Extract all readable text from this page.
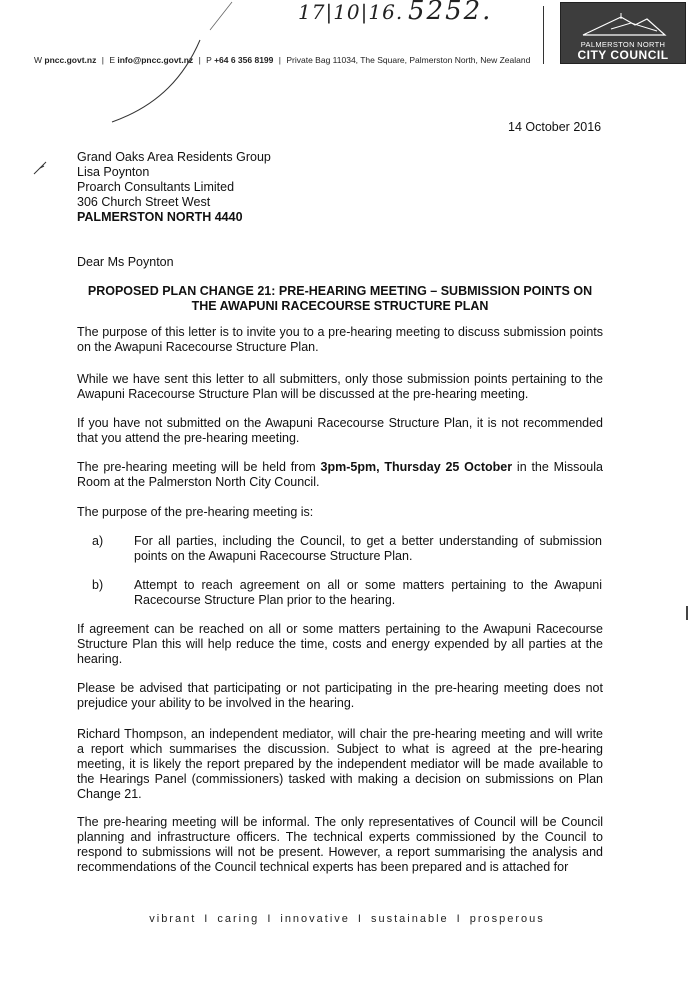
17|10|16. 5252.
PALMERSTON NORTH
CITY COUNCIL
W pncc.govt.nz | E info@pncc.govt.nz | P +64 6 356 8199 | Private Bag 11034, The Square, Palmerston North, New Zealand
14 October 2016
Grand Oaks Area Residents Group
Lisa Poynton
Proarch Consultants Limited
306 Church Street West
PALMERSTON NORTH 4440
Dear Ms Poynton
PROPOSED PLAN CHANGE 21: PRE-HEARING MEETING – SUBMISSION POINTS ON
THE AWAPUNI RACECOURSE STRUCTURE PLAN
The purpose of this letter is to invite you to a pre-hearing meeting to discuss submission points on the Awapuni Racecourse Structure Plan.
While we have sent this letter to all submitters, only those submission points pertaining to the Awapuni Racecourse Structure Plan will be discussed at the pre-hearing meeting.
If you have not submitted on the Awapuni Racecourse Structure Plan, it is not recommended that you attend the pre-hearing meeting.
The pre-hearing meeting will be held from 3pm-5pm, Thursday 25 October in the Missoula Room at the Palmerston North City Council.
The purpose of the pre-hearing meeting is:
a) For all parties, including the Council, to get a better understanding of submission points on the Awapuni Racecourse Structure Plan.
b) Attempt to reach agreement on all or some matters pertaining to the Awapuni Racecourse Structure Plan prior to the hearing.
If agreement can be reached on all or some matters pertaining to the Awapuni Racecourse Structure Plan this will help reduce the time, costs and energy expended by all parties at the hearing.
Please be advised that participating or not participating in the pre-hearing meeting does not prejudice your ability to be involved in the hearing.
Richard Thompson, an independent mediator, will chair the pre-hearing meeting and will write a report which summarises the discussion. Subject to what is agreed at the pre-hearing meeting, it is likely the report prepared by the independent mediator will be made available to the Hearings Panel (commissioners) tasked with making a decision on submissions on Plan Change 21.
The pre-hearing meeting will be informal. The only representatives of Council will be Council planning and infrastructure officers. The technical experts commissioned by the Council to respond to submissions will not be present. However, a report summarising the analysis and recommendations of the Council technical experts has been prepared and is attached for
vibrant I caring I innovative I sustainable I prosperous
